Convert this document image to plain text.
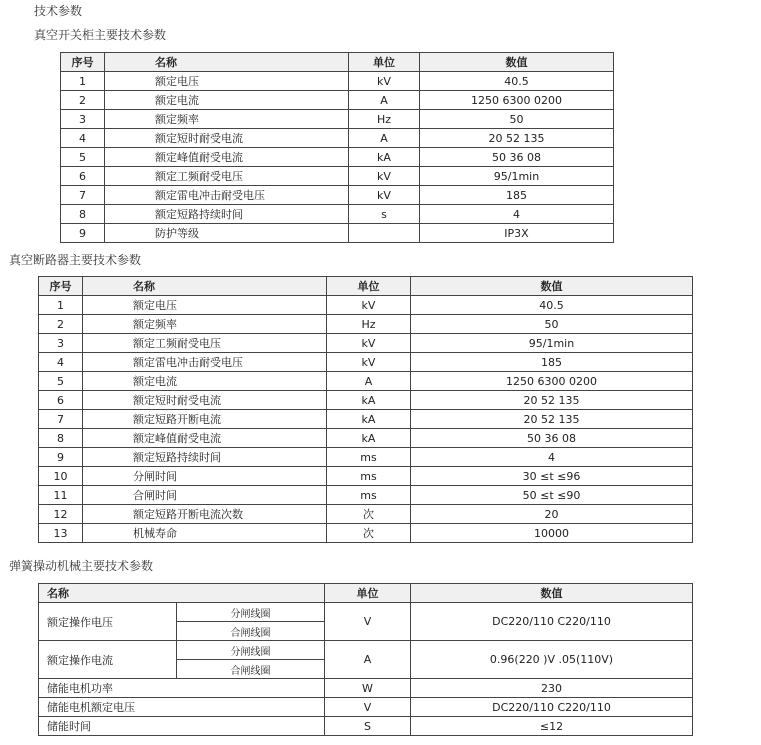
技术参数
真空开关柜主要技术参数
序号	名称	单位	数值
1	额定电压	kV	40.5
2	额定电流	A	1250 6300 0200
3	额定频率	Hz	50
4	额定短时耐受电流	A	20 52 135
5	额定峰值耐受电流	kA	50 36 08
6	额定工频耐受电压	kV	95/1min
7	额定雷电冲击耐受电压	kV	185
8	额定短路持续时间	s	4
9	防护等级		IP3X
真空断路器主要技术参数
序号	名称	单位	数值
1	额定电压	kV	40.5
2	额定频率	Hz	50
3	额定工频耐受电压	kV	95/1min
4	额定雷电冲击耐受电压	kV	185
5	额定电流	A	1250 6300 0200
6	额定短时耐受电流	kA	20 52 135
7	额定短路开断电流	kA	20 52 135
8	额定峰值耐受电流	kA	50 36 08
9	额定短路持续时间	ms	4
10	分闸时间	ms	30 ≤t ≤96
11	合闸时间	ms	50 ≤t ≤90
12	额定短路开断电流次数	次	20
13	机械寿命	次	10000
弹簧操动机械主要技术参数
名称		单位	数值
额定操作电压	分闸线圈	V	DC220/110 C220/110
	合闸线圈		
额定操作电流	分闸线圈	A	0.96(220 )V .05(110V)
	合闸线圈		
储能电机功率		W	230
储能电机额定电压		V	DC220/110 C220/110
储能时间		S	≤12
